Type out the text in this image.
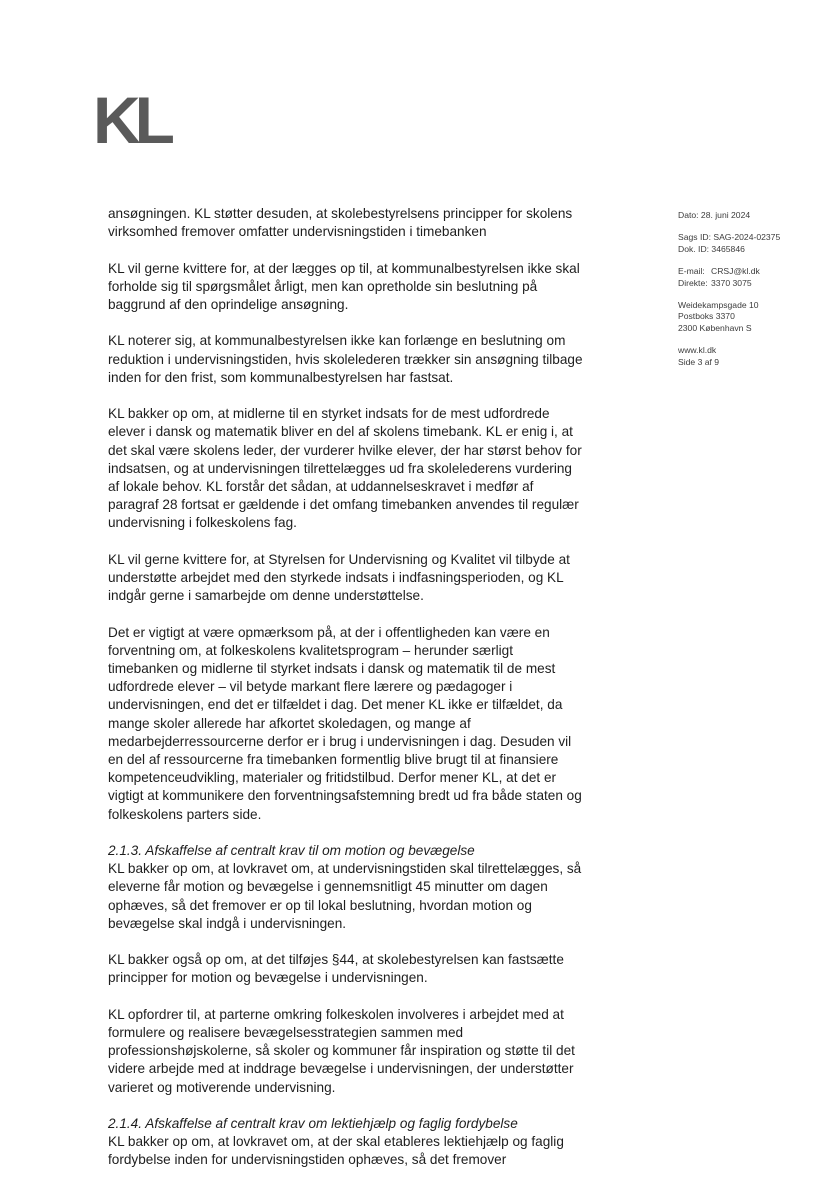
KL
Dato: 28. juni 2024
Sags ID: SAG-2024-02375
Dok. ID: 3465846
E-mail: CRSJ@kl.dk
Direkte: 3370 3075
Weidekampsgade 10
Postboks 3370
2300 København S
www.kl.dk
Side 3 af 9

ansøgningen. KL støtter desuden, at skolebestyrelsens principper for skolens virksomhed fremover omfatter undervisningstiden i timebanken

KL vil gerne kvittere for, at der lægges op til, at kommunalbestyrelsen ikke skal forholde sig til spørgsmålet årligt, men kan opretholde sin beslutning på baggrund af den oprindelige ansøgning.

KL noterer sig, at kommunalbestyrelsen ikke kan forlænge en beslutning om reduktion i undervisningstiden, hvis skolelederen trækker sin ansøgning tilbage inden for den frist, som kommunalbestyrelsen har fastsat.

KL bakker op om, at midlerne til en styrket indsats for de mest udfordrede elever i dansk og matematik bliver en del af skolens timebank. KL er enig i, at det skal være skolens leder, der vurderer hvilke elever, der har størst behov for indsatsen, og at undervisningen tilrettelægges ud fra skolelederens vurdering af lokale behov. KL forstår det sådan, at uddannelseskravet i medfør af paragraf 28 fortsat er gældende i det omfang timebanken anvendes til regulær undervisning i folkeskolens fag.

KL vil gerne kvittere for, at Styrelsen for Undervisning og Kvalitet vil tilbyde at understøtte arbejdet med den styrkede indsats i indfasningsperioden, og KL indgår gerne i samarbejde om denne understøttelse.

Det er vigtigt at være opmærksom på, at der i offentligheden kan være en forventning om, at folkeskolens kvalitetsprogram – herunder særligt timebanken og midlerne til styrket indsats i dansk og matematik til de mest udfordrede elever – vil betyde markant flere lærere og pædagoger i undervisningen, end det er tilfældet i dag. Det mener KL ikke er tilfældet, da mange skoler allerede har afkortet skoledagen, og mange af medarbejderressourcerne derfor er i brug i undervisningen i dag. Desuden vil en del af ressourcerne fra timebanken formentlig blive brugt til at finansiere kompetenceudvikling, materialer og fritidstilbud. Derfor mener KL, at det er vigtigt at kommunikere den forventningsafstemning bredt ud fra både staten og folkeskolens parters side.

2.1.3. Afskaffelse af centralt krav til om motion og bevægelse

KL bakker op om, at lovkravet om, at undervisningstiden skal tilrettelægges, så eleverne får motion og bevægelse i gennemsnitligt 45 minutter om dagen ophæves, så det fremover er op til lokal beslutning, hvordan motion og bevægelse skal indgå i undervisningen.

KL bakker også op om, at det tilføjes §44, at skolebestyrelsen kan fastsætte principper for motion og bevægelse i undervisningen.

KL opfordrer til, at parterne omkring folkeskolen involveres i arbejdet med at formulere og realisere bevægelsesstrategien sammen med professionshøjskolerne, så skoler og kommuner får inspiration og støtte til det videre arbejde med at inddrage bevægelse i undervisningen, der understøtter varieret og motiverende undervisning.

2.1.4. Afskaffelse af centralt krav om lektiehjælp og faglig fordybelse

KL bakker op om, at lovkravet om, at der skal etableres lektiehjælp og faglig fordybelse inden for undervisningstiden ophæves, så det fremover
